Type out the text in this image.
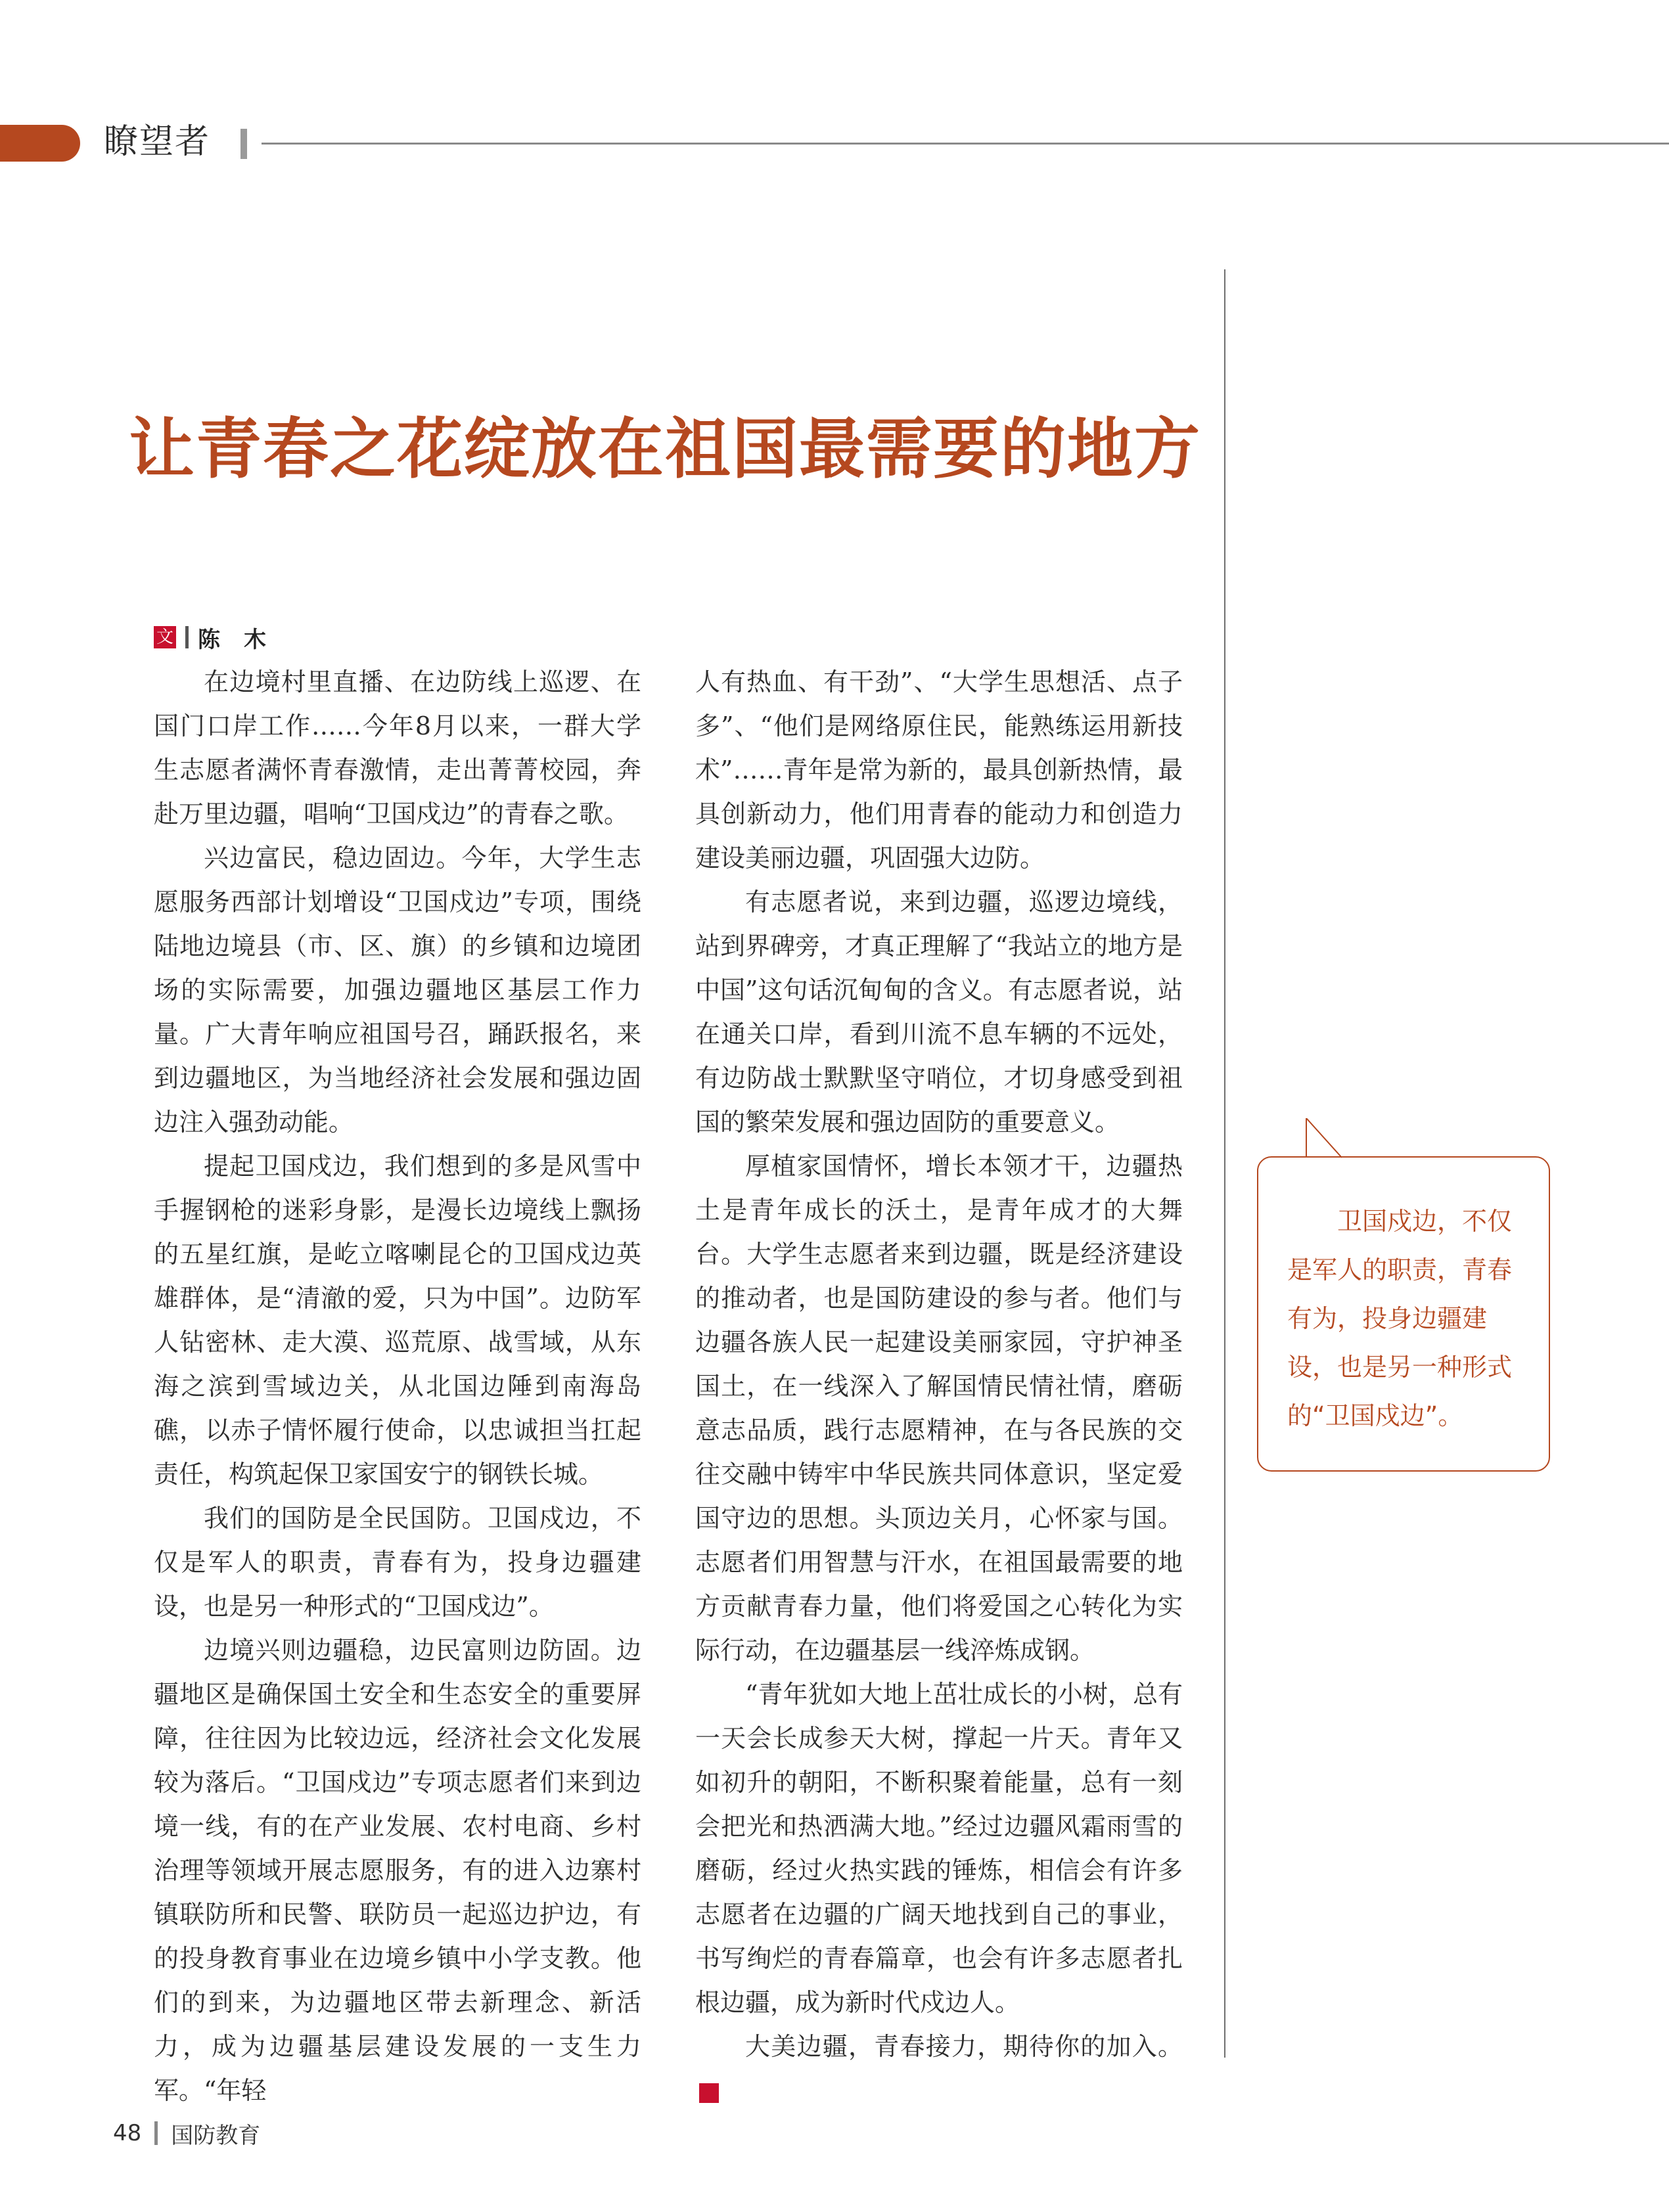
瞭望者
让青春之花绽放在祖国最需要的地方
文 陈木

在边境村里直播、在边防线上巡逻、在国门口岸工作……今年8月以来，一群大学生志愿者满怀青春激情，走出菁菁校园，奔赴万里边疆，唱响“卫国戍边”的青春之歌。

兴边富民，稳边固边。今年，大学生志愿服务西部计划增设“卫国戍边”专项，围绕陆地边境县（市、区、旗）的乡镇和边境团场的实际需要，加强边疆地区基层工作力量。广大青年响应祖国号召，踊跃报名，来到边疆地区，为当地经济社会发展和强边固边注入强劲动能。

提起卫国戍边，我们想到的多是风雪中手握钢枪的迷彩身影，是漫长边境线上飘扬的五星红旗，是屹立喀喇昆仑的卫国戍边英雄群体，是“清澈的爱，只为中国”。边防军人钻密林、走大漠、巡荒原、战雪域，从东海之滨到雪域边关，从北国边陲到南海岛礁，以赤子情怀履行使命，以忠诚担当扛起责任，构筑起保卫家国安宁的钢铁长城。

我们的国防是全民国防。卫国戍边，不仅是军人的职责，青春有为，投身边疆建设，也是另一种形式的“卫国戍边”。

边境兴则边疆稳，边民富则边防固。边疆地区是确保国土安全和生态安全的重要屏障，往往因为比较边远，经济社会文化发展较为落后。“卫国戍边”专项志愿者们来到边境一线，有的在产业发展、农村电商、乡村治理等领域开展志愿服务，有的进入边寨村镇联防所和民警、联防员一起巡边护边，有的投身教育事业在边境乡镇中小学支教。他们的到来，为边疆地区带去新理念、新活力，成为边疆基层建设发展的一支生力军。“年轻

人有热血、有干劲”、“大学生思想活、点子多”、“他们是网络原住民，能熟练运用新技术”……青年是常为新的，最具创新热情，最具创新动力，他们用青春的能动力和创造力建设美丽边疆，巩固强大边防。

有志愿者说，来到边疆，巡逻边境线，站到界碑旁，才真正理解了“我站立的地方是中国”这句话沉甸甸的含义。有志愿者说，站在通关口岸，看到川流不息车辆的不远处，有边防战士默默坚守哨位，才切身感受到祖国的繁荣发展和强边固防的重要意义。

厚植家国情怀，增长本领才干，边疆热土是青年成长的沃土，是青年成才的大舞台。大学生志愿者来到边疆，既是经济建设的推动者，也是国防建设的参与者。他们与边疆各族人民一起建设美丽家园，守护神圣国土，在一线深入了解国情民情社情，磨砺意志品质，践行志愿精神，在与各民族的交往交融中铸牢中华民族共同体意识，坚定爱国守边的思想。头顶边关月，心怀家与国。志愿者们用智慧与汗水，在祖国最需要的地方贡献青春力量，他们将爱国之心转化为实际行动，在边疆基层一线淬炼成钢。

“青年犹如大地上茁壮成长的小树，总有一天会长成参天大树，撑起一片天。青年又如初升的朝阳，不断积聚着能量，总有一刻会把光和热洒满大地。”经过边疆风霜雨雪的磨砺，经过火热实践的锤炼，相信会有许多志愿者在边疆的广阔天地找到自己的事业，书写绚烂的青春篇章，也会有许多志愿者扎根边疆，成为新时代戍边人。

大美边疆，青春接力，期待你的加入。G

卫国戍边，不仅是军人的职责，青春有为，投身边疆建设，也是另一种形式的“卫国戍边”。

48 国防教育
